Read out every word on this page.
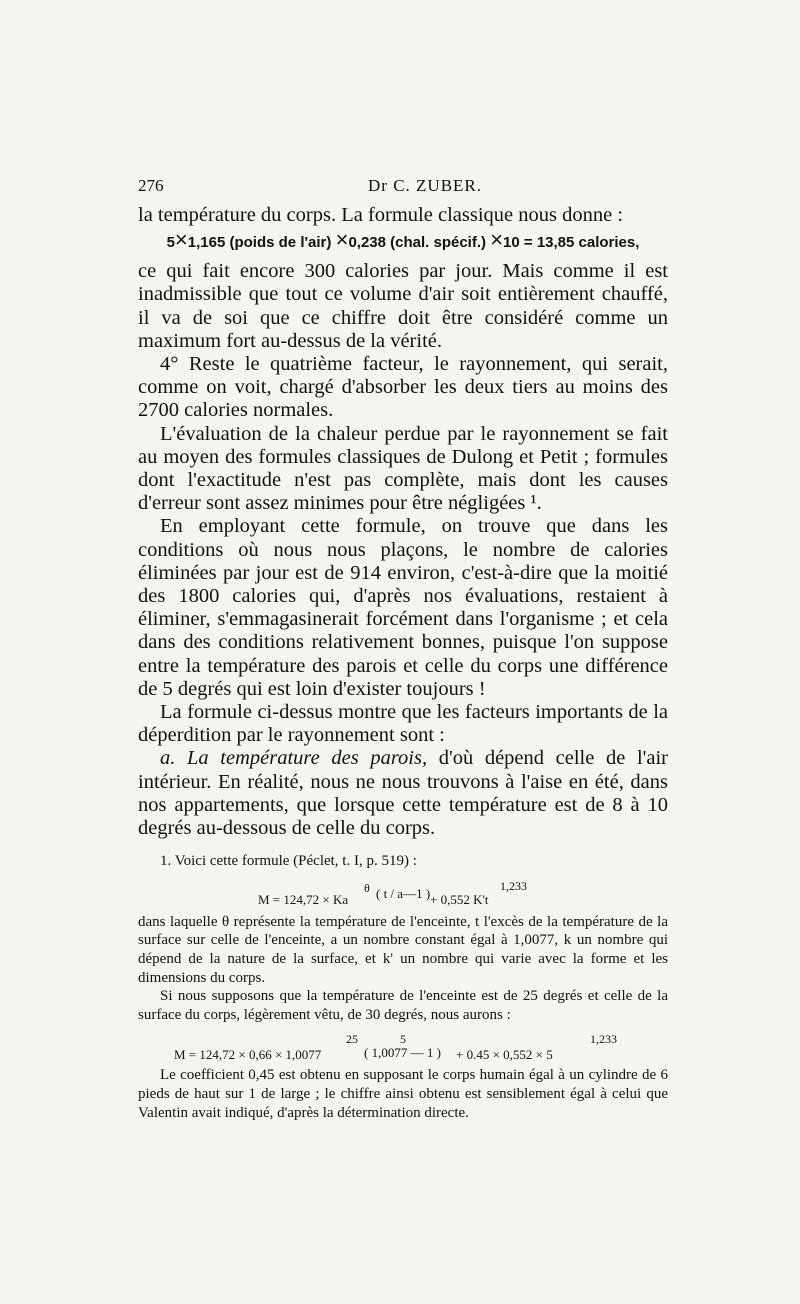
276	Dr C. ZUBER.

la température du corps. La formule classique nous donne :

5×1,165 (poids de l'air) ×0,238 (chal. spécif.) ×10 = 13,85 calories,

ce qui fait encore 300 calories par jour. Mais comme il est inadmissible que tout ce volume d'air soit entièrement chauffé, il va de soi que ce chiffre doit être considéré comme un maximum fort au-dessus de la vérité.

4° Reste le quatrième facteur, le rayonnement, qui serait, comme on voit, chargé d'absorber les deux tiers au moins des 2700 calories normales.

L'évaluation de la chaleur perdue par le rayonnement se fait au moyen des formules classiques de Dulong et Petit ; formules dont l'exactitude n'est pas complète, mais dont les causes d'erreur sont assez minimes pour être négligées ¹.

En employant cette formule, on trouve que dans les conditions où nous nous plaçons, le nombre de calories éliminées par jour est de 914 environ, c'est-à-dire que la moitié des 1800 calories qui, d'après nos évaluations, restaient à éliminer, s'emmagasinerait forcément dans l'organisme ; et cela dans des conditions relativement bonnes, puisque l'on suppose entre la température des parois et celle du corps une différence de 5 degrés qui est loin d'exister toujours !

La formule ci-dessus montre que les facteurs importants de la déperdition par le rayonnement sont :

a. La température des parois, d'où dépend celle de l'air intérieur. En réalité, nous ne nous trouvons à l'aise en été, dans nos appartements, que lorsque cette température est de 8 à 10 degrés au-dessous de celle du corps.

1. Voici cette formule (Péclet, t. I, p. 519) :

M = 124,72 × Ka
θ ( t / a—1 ) + 0,552 K't
1,233

dans laquelle θ représente la température de l'enceinte, t l'excès de la température de la surface sur celle de l'enceinte, a un nombre constant égal à 1,0077, k un nombre qui dépend de la nature de la surface, et k' un nombre qui varie avec la forme et les dimensions du corps.

Si nous supposons que la température de l'enceinte est de 25 degrés et celle de la surface du corps, légèrement vêtu, de 30 degrés, nous aurons :

M = 124,72 × 0,66 × 1,0077
25
( 1,0077 — 1 )
5
+ 0.45 × 0,552 × 5
1,233

Le coefficient 0,45 est obtenu en supposant le corps humain égal à un cylindre de 6 pieds de haut sur 1 de large ; le chiffre ainsi obtenu est sensiblement égal à celui que Valentin avait indiqué, d'après la détermination directe.
